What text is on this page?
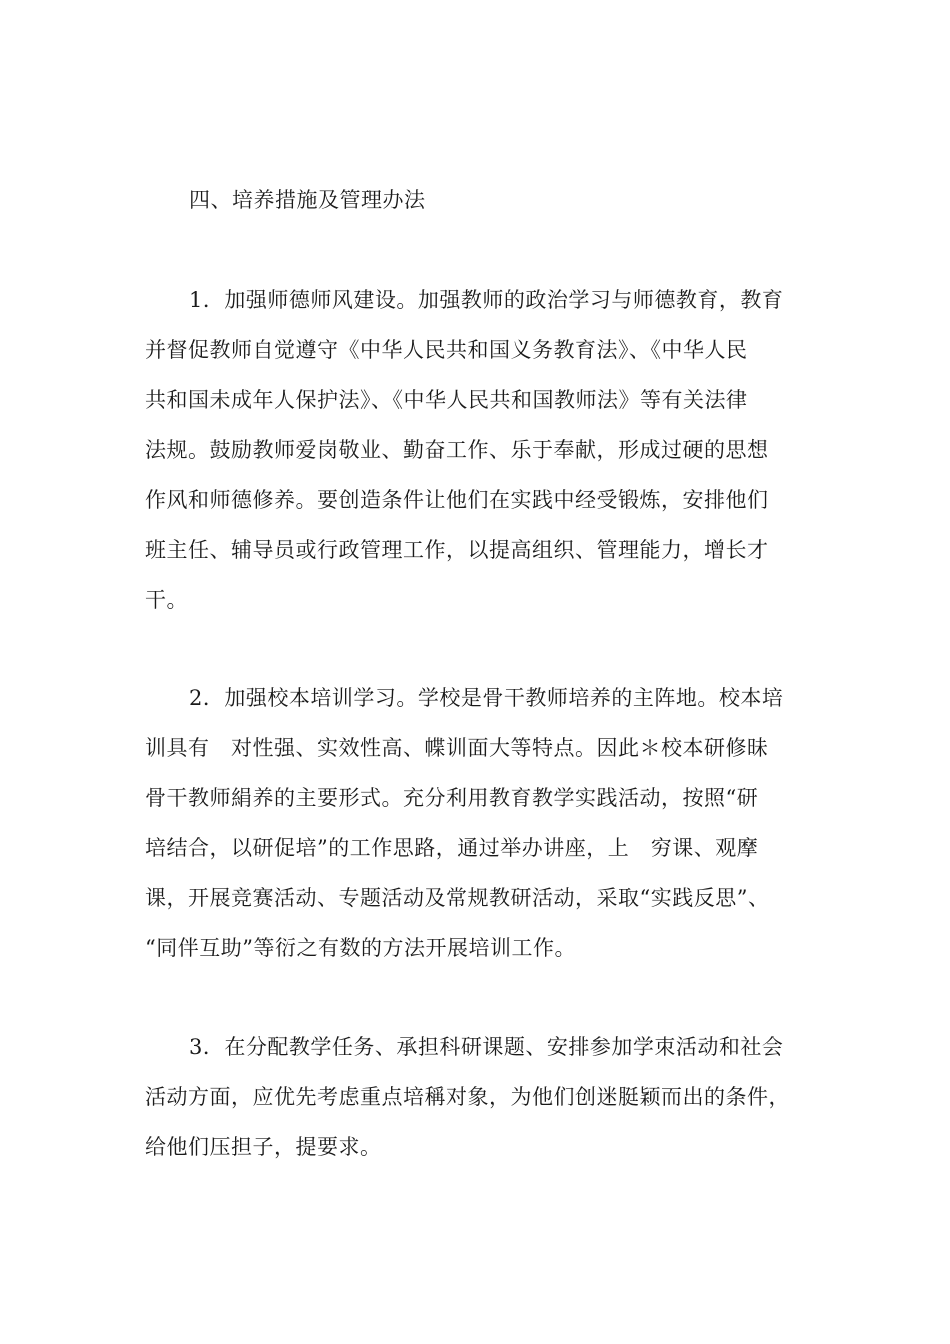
四、培养措施及管理办法
1．加强师德师风建设。加强教师的政治学习与师德教育，教育
并督促教师自觉遵守《中华人民共和国义务教育法》、《中华人民
共和国未成年人保护法》、《中华人民共和国教师法》等有关法律
法规。鼓励教师爱岗敬业、勤奋工作、乐于奉献，形成过硬的思想
作风和师德修养。要创造条件让他们在实践中经受锻炼，安排他们
班主任、辅导员或行政管理工作，以提高组织、管理能力，增长才
干。
2．加强校本培训学习。学校是骨干教师培养的主阵地。校本培
训具有   对性强、实效性高、幉训面大等特点。因此＊校本研修昧
骨干教师絹养的主要形式。充分利用教育教学实践活动，按照“研
培结合，以研促培”的工作思路，通过举办讲座，上   穷课、观摩
课，开展竞赛活动、专题活动及常规教研活动，采取“实践反思”、
“同伴互助”等衍之有数的方法开展培训工作。
3．在分配教学任务、承担科研课题、安排参加学朿活动和社会
活动方面，应优先考虑重点培稱对象，为他们创迷脡颖而出的条件，
给他们压担子，提要求。
